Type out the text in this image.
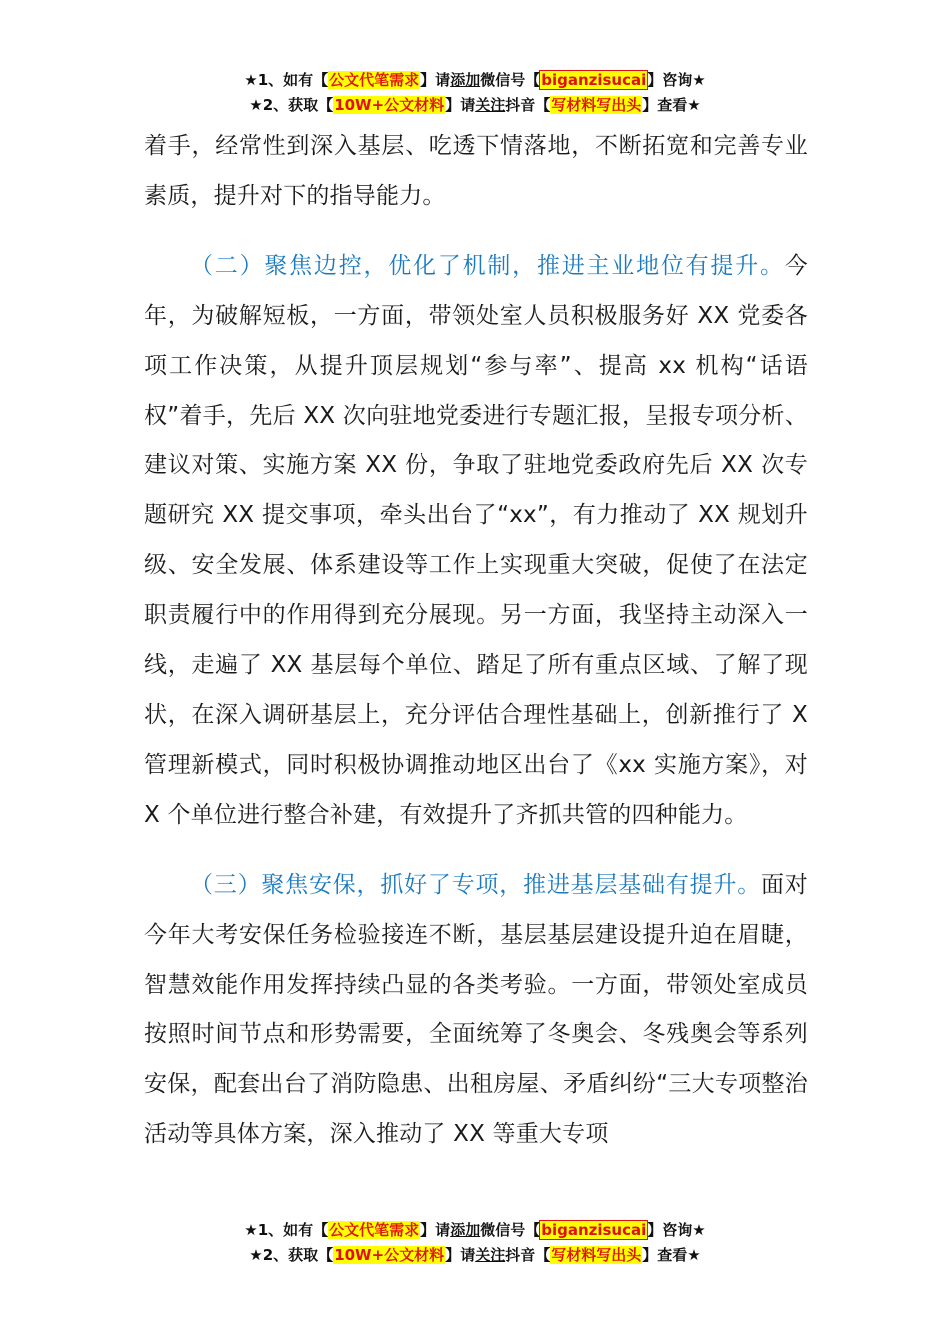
★1、如有【公文代笔需求】请添加微信号【biganzisucai】咨询★
★2、获取【10W+公文材料】请关注抖音【写材料写出头】查看★

着手，经常性到深入基层、吃透下情落地，不断拓宽和完善专业素质，提升对下的指导能力。

（二）聚焦边控，优化了机制，推进主业地位有提升。今年，为破解短板，一方面，带领处室人员积极服务好 XX 党委各项工作决策，从提升顶层规划“参与率”、提高 xx 机构“话语权”着手，先后 XX 次向驻地党委进行专题汇报，呈报专项分析、建议对策、实施方案 XX 份，争取了驻地党委政府先后 XX 次专题研究 XX 提交事项，牵头出台了“xx”，有力推动了 XX 规划升级、安全发展、体系建设等工作上实现重大突破，促使了在法定职责履行中的作用得到充分展现。另一方面，我坚持主动深入一线，走遍了 XX 基层每个单位、踏足了所有重点区域、了解了现状，在深入调研基层上，充分评估合理性基础上，创新推行了 X 管理新模式，同时积极协调推动地区出台了《xx 实施方案》，对 X 个单位进行整合补建，有效提升了齐抓共管的四种能力。

（三）聚焦安保，抓好了专项，推进基层基础有提升。面对今年大考安保任务检验接连不断，基层基层建设提升迫在眉睫，智慧效能作用发挥持续凸显的各类考验。一方面，带领处室成员按照时间节点和形势需要，全面统筹了冬奥会、冬残奥会等系列安保，配套出台了消防隐患、出租房屋、矛盾纠纷“三大专项整治活动等具体方案，深入推动了 XX 等重大专项

★1、如有【公文代笔需求】请添加微信号【biganzisucai】咨询★
★2、获取【10W+公文材料】请关注抖音【写材料写出头】查看★
